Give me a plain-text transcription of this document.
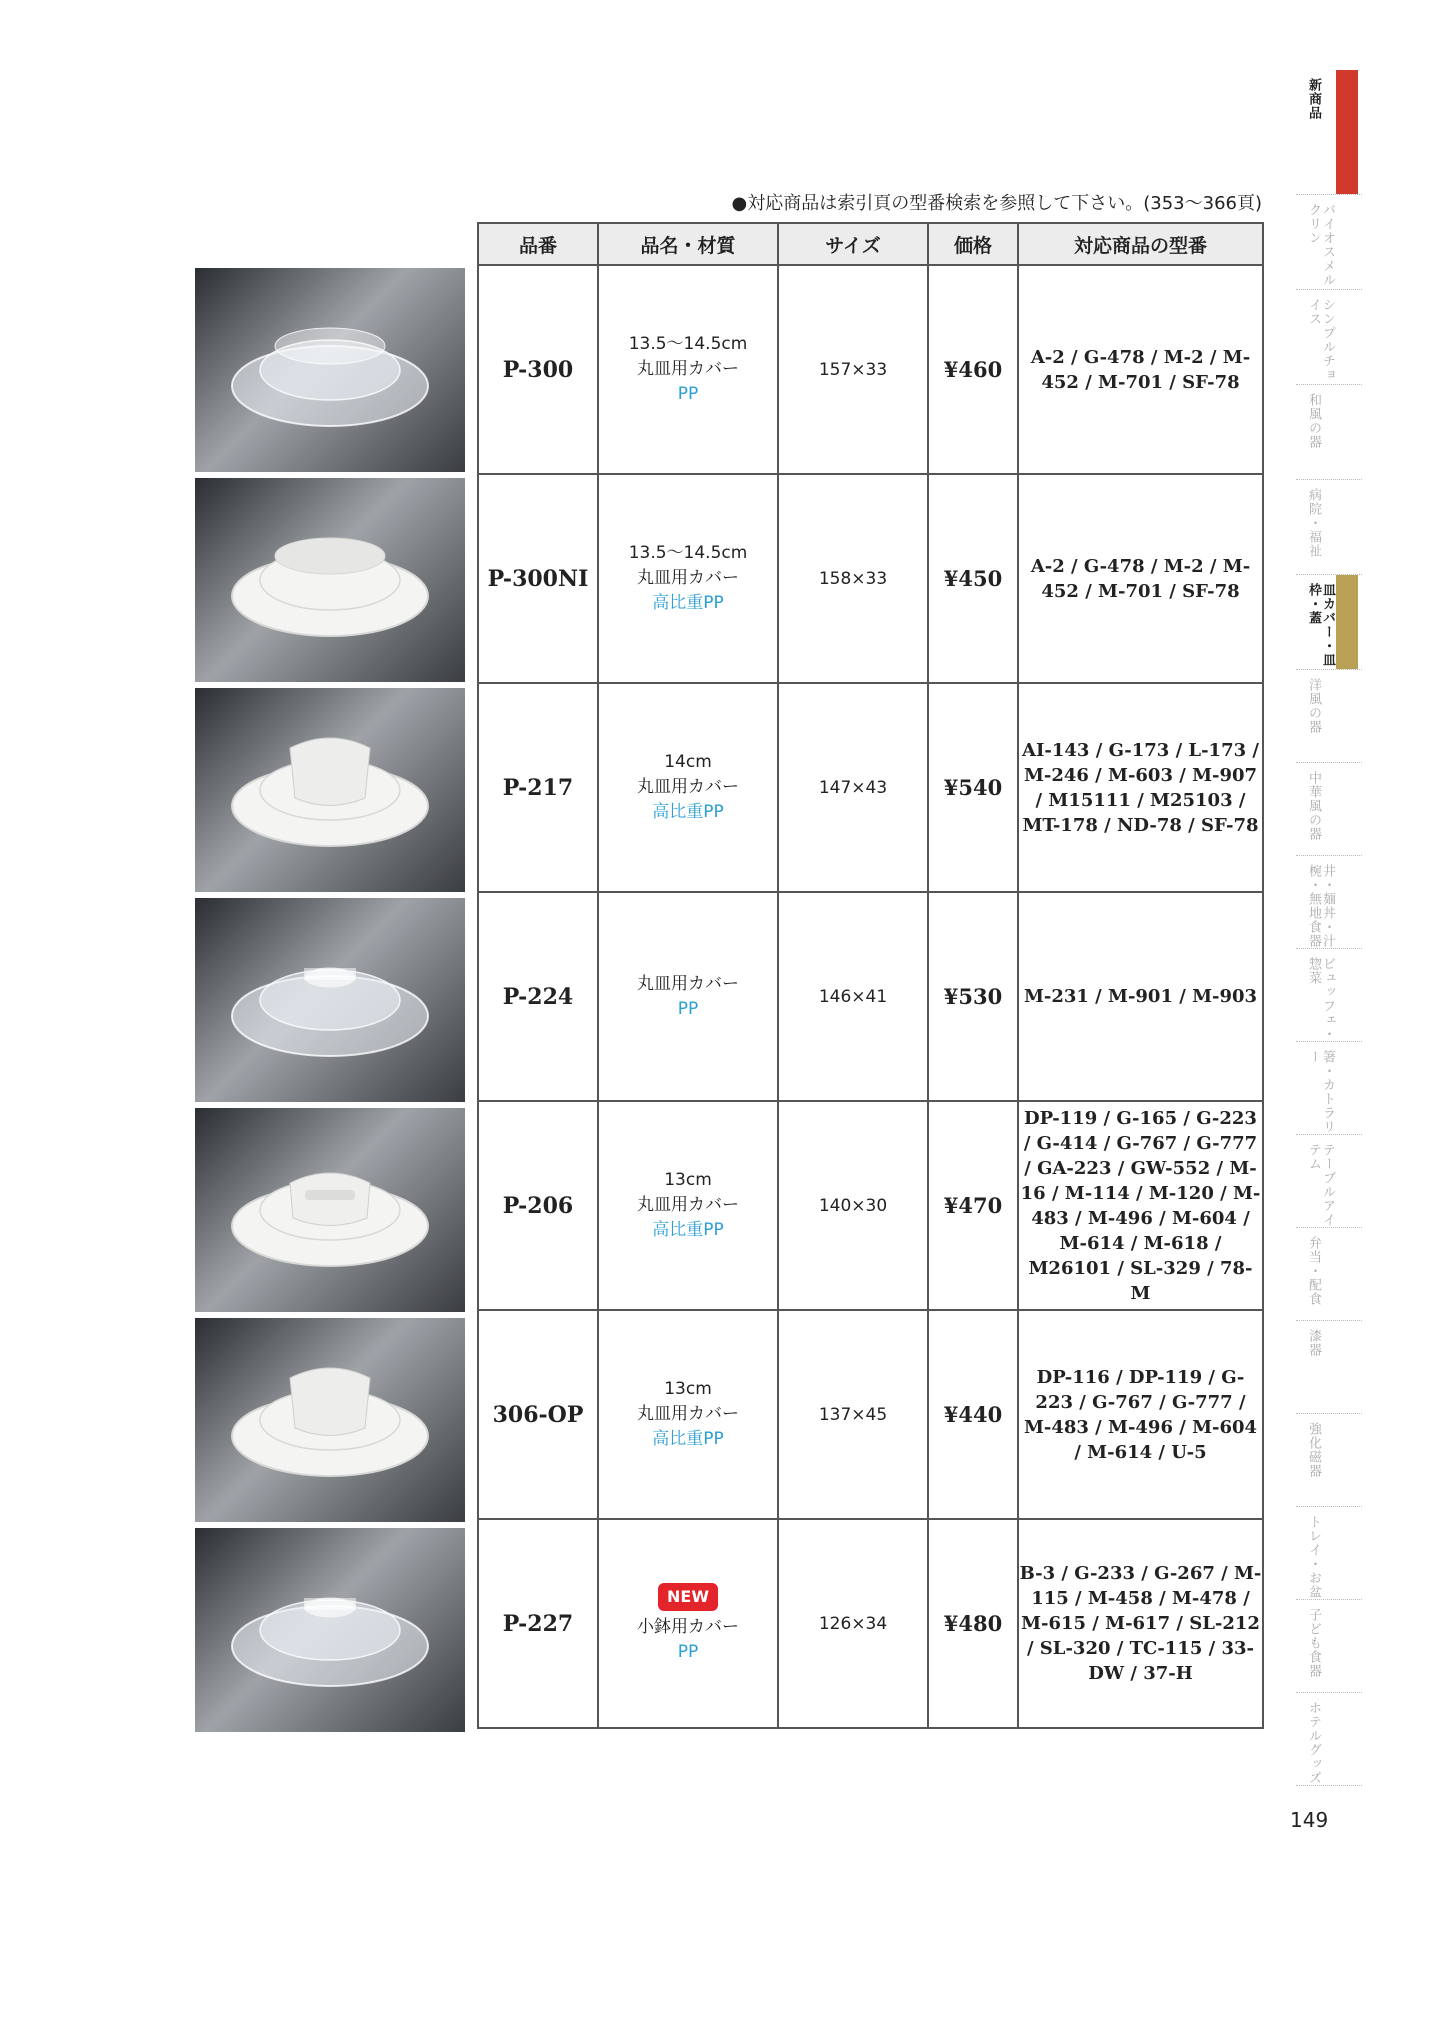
●対応商品は索引頁の型番検索を参照して下さい。(353〜366頁)
品番	品名・材質	サイズ	価格	対応商品の型番
P-300	13.5〜14.5cm
丸皿用カバー
PP	157×33	¥460	A-2 / G-478 / M-2 / M-452 / M-701 / SF-78
P-300NI	13.5〜14.5cm
丸皿用カバー
高比重PP	158×33	¥450	A-2 / G-478 / M-2 / M-452 / M-701 / SF-78
P-217	14cm
丸皿用カバー
高比重PP	147×43	¥540	AI-143 / G-173 / L-173 / M-246 / M-603 / M-907 / M15111 / M25103 / MT-178 / ND-78 / SF-78
P-224	丸皿用カバー
PP	146×41	¥530	M-231 / M-901 / M-903
P-206	13cm
丸皿用カバー
高比重PP	140×30	¥470	DP-119 / G-165 / G-223 / G-414 / G-767 / G-777 / GA-223 / GW-552 / M-16 / M-114 / M-120 / M-483 / M-496 / M-604 / M-614 / M-618 / M26101 / SL-329 / 78-M
306-OP	13cm
丸皿用カバー
高比重PP	137×45	¥440	DP-116 / DP-119 / G-223 / G-767 / G-777 / M-483 / M-496 / M-604 / M-614 / U-5
P-227	NEW
小鉢用カバー
PP	126×34	¥480	B-3 / G-233 / G-267 / M-115 / M-458 / M-478 / M-615 / M-617 / SL-212 / SL-320 / TC-115 / 33-DW / 37-H
新商品
バイオスメルクリン
シンプルチョイス
和風の器
病院・福祉
皿カバー・皿枠・蓋
洋風の器
中華風の器
井・麺丼・汁椀・無地食器
ビュッフェ・惣菜
箸・カトラリー
テーブルアイテム
弁当・配食
漆器
強化磁器
トレイ・お盆
子ども食器
ホテルグッズ
149
